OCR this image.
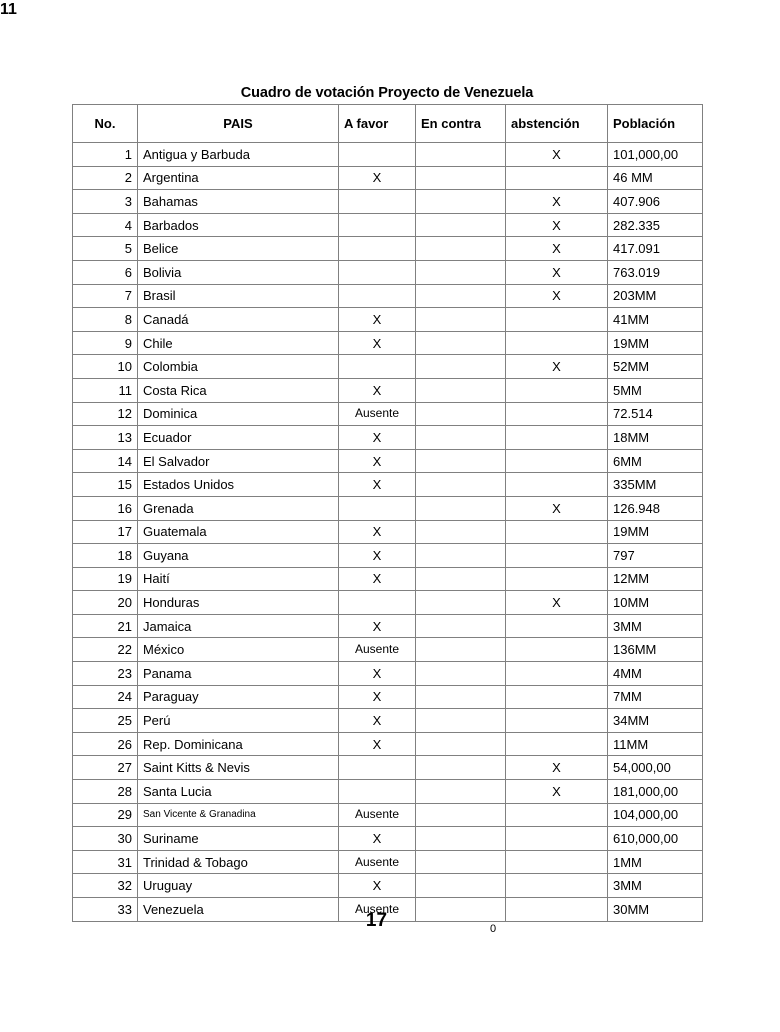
Cuadro de votación Proyecto de Venezuela
No.	PAIS	A favor	En contra	abstención	Población
1	Antigua y Barbuda			X	101,000,00
2	Argentina	X			46 MM
3	Bahamas			X	407.906
4	Barbados			X	282.335
5	Belice			X	417.091
6	Bolivia			X	763.019
7	Brasil			X	203MM
8	Canadá	X			41MM
9	Chile	X			19MM
10	Colombia			X	52MM
11	Costa Rica	X			5MM
12	Dominica	Ausente			72.514
13	Ecuador	X			18MM
14	El Salvador	X			6MM
15	Estados Unidos	X			335MM
16	Grenada			X	126.948
17	Guatemala	X			19MM
18	Guyana	X			797
19	Haití	X			12MM
20	Honduras			X	10MM
21	Jamaica	X			3MM
22	México	Ausente			136MM
23	Panama	X			4MM
24	Paraguay	X			7MM
25	Perú	X			34MM
26	Rep. Dominicana	X			11MM
27	Saint Kitts & Nevis			X	54,000,00
28	Santa Lucia			X	181,000,00
29	San Vicente & Granadina	Ausente			104,000,00
30	Suriname	X			610,000,00
31	Trinidad & Tobago	Ausente			1MM
32	Uruguay	X			3MM
33	Venezuela	Ausente			30MM
17	0
11
